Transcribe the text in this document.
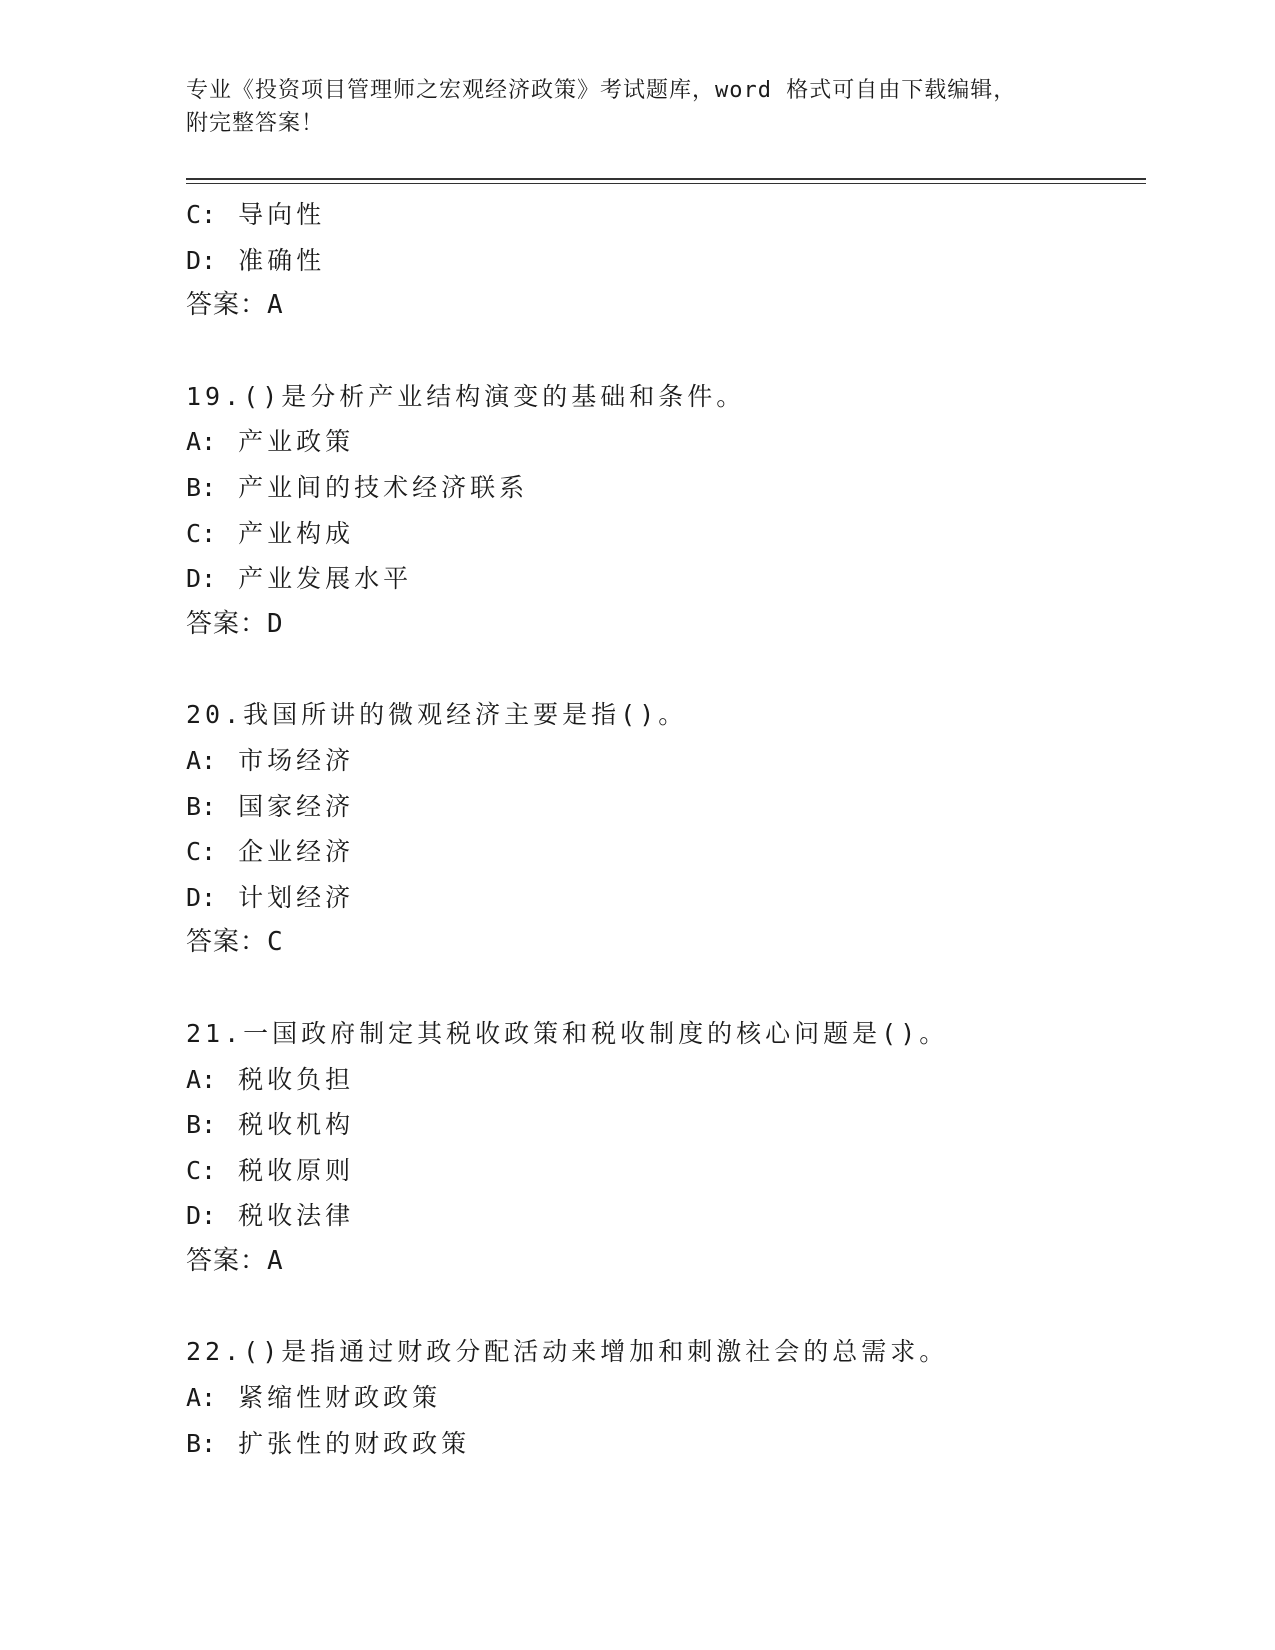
专业《投资项目管理师之宏观经济政策》考试题库，word 格式可自由下载编辑，
附完整答案！
C: 导向性
D: 准确性
答案：A
19.()是分析产业结构演变的基础和条件。
A: 产业政策
B: 产业间的技术经济联系
C: 产业构成
D: 产业发展水平
答案：D
20.我国所讲的微观经济主要是指()。
A: 市场经济
B: 国家经济
C: 企业经济
D: 计划经济
答案：C
21.一国政府制定其税收政策和税收制度的核心问题是()。
A: 税收负担
B: 税收机构
C: 税收原则
D: 税收法律
答案：A
22.()是指通过财政分配活动来增加和刺激社会的总需求。
A: 紧缩性财政政策
B: 扩张性的财政政策
